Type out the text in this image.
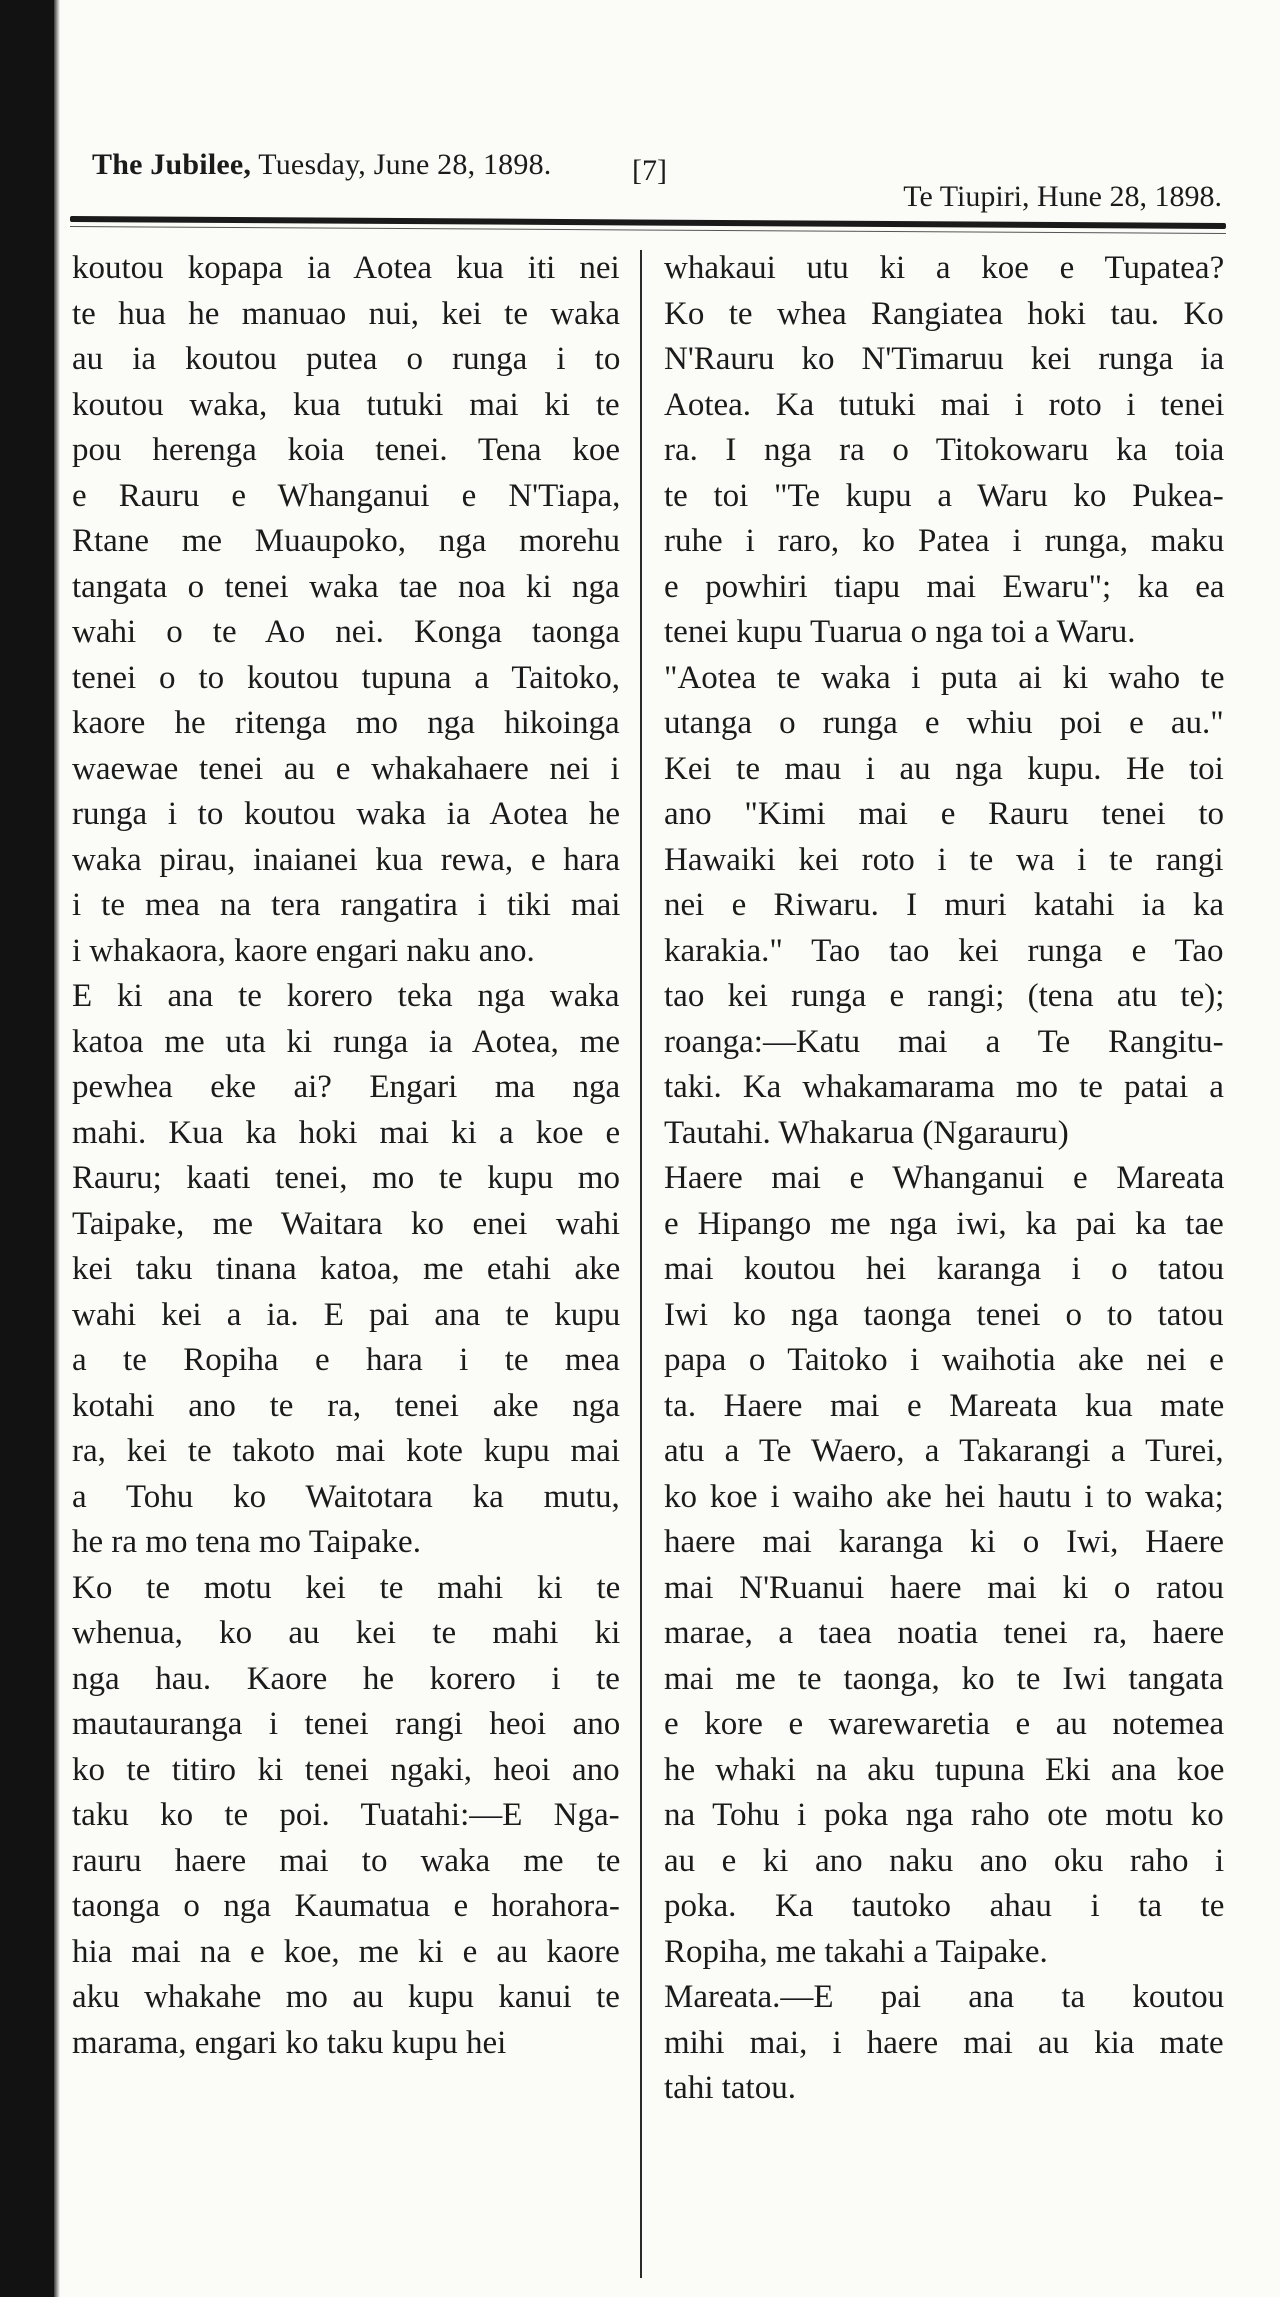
The Jubilee, Tuesday, June 28, 1898.	[7]
Te Tiupiri, Hune 28, 1898.
koutou kopapa ia Aotea kua iti nei
te hua he manuao nui, kei te waka
au ia koutou putea o runga i to
koutou waka, kua tutuki mai ki te
pou herenga koia tenei. Tena koe
e Rauru e Whanganui e N'Tiapa,
Rtane me Muaupoko, nga morehu
tangata o tenei waka tae noa ki nga
wahi o te Ao nei. Konga taonga
tenei o to koutou tupuna a Taitoko,
kaore he ritenga mo nga hikoinga
waewae tenei au e whakahaere nei i
runga i to koutou waka ia Aotea he
waka pirau, inaianei kua rewa, e hara
i te mea na tera rangatira i tiki mai
i whakaora, kaore engari naku ano.
E ki ana te korero teka nga waka
katoa me uta ki runga ia Aotea, me
pewhea eke ai? Engari ma nga
mahi. Kua ka hoki mai ki a koe e
Rauru; kaati tenei, mo te kupu mo
Taipake, me Waitara ko enei wahi
kei taku tinana katoa, me etahi ake
wahi kei a ia. E pai ana te kupu
a te Ropiha e hara i te mea
kotahi ano te ra, tenei ake nga
ra, kei te takoto mai kote kupu mai
a Tohu ko Waitotara ka mutu,
he ra mo tena mo Taipake.
Ko te motu kei te mahi ki te
whenua, ko au kei te mahi ki
nga hau. Kaore he korero i te
mautauranga i tenei rangi heoi ano
ko te titiro ki tenei ngaki, heoi ano
taku ko te poi. Tuatahi:—E Nga-
rauru haere mai to waka me te
taonga o nga Kaumatua e horahora-
hia mai na e koe, me ki e au kaore
aku whakahe mo au kupu kanui te
marama, engari ko taku kupu hei
whakaui utu ki a koe e Tupatea?
Ko te whea Rangiatea hoki tau. Ko
N'Rauru ko N'Timaruu kei runga ia
Aotea. Ka tutuki mai i roto i tenei
ra. I nga ra o Titokowaru ka toia
te toi "Te kupu a Waru ko Pukea-
ruhe i raro, ko Patea i runga, maku
e powhiri tiapu mai Ewaru"; ka ea
tenei kupu Tuarua o nga toi a Waru.
"Aotea te waka i puta ai ki waho te
utanga o runga e whiu poi e au."
Kei te mau i au nga kupu. He toi
ano "Kimi mai e Rauru tenei to
Hawaiki kei roto i te wa i te rangi
nei e Riwaru. I muri katahi ia ka
karakia." Tao tao kei runga e Tao
tao kei runga e rangi; (tena atu te);
roanga:—Katu mai a Te Rangitu-
taki. Ka whakamarama mo te patai a
Tautahi. Whakarua (Ngarauru)
Haere mai e Whanganui e Mareata
e Hipango me nga iwi, ka pai ka tae
mai koutou hei karanga i o tatou
Iwi ko nga taonga tenei o to tatou
papa o Taitoko i waihotia ake nei e
ta. Haere mai e Mareata kua mate
atu a Te Waero, a Takarangi a Turei,
ko koe i waiho ake hei hautu i to waka;
haere mai karanga ki o Iwi, Haere
mai N'Ruanui haere mai ki o ratou
marae, a taea noatia tenei ra, haere
mai me te taonga, ko te Iwi tangata
e kore e warewaretia e au notemea
he whaki na aku tupuna Eki ana koe
na Tohu i poka nga raho ote motu ko
au e ki ano naku ano oku raho i
poka. Ka tautoko ahau i ta te
Ropiha, me takahi a Taipake.
Mareata.—E pai ana ta koutou
mihi mai, i haere mai au kia mate
tahi tatou.
